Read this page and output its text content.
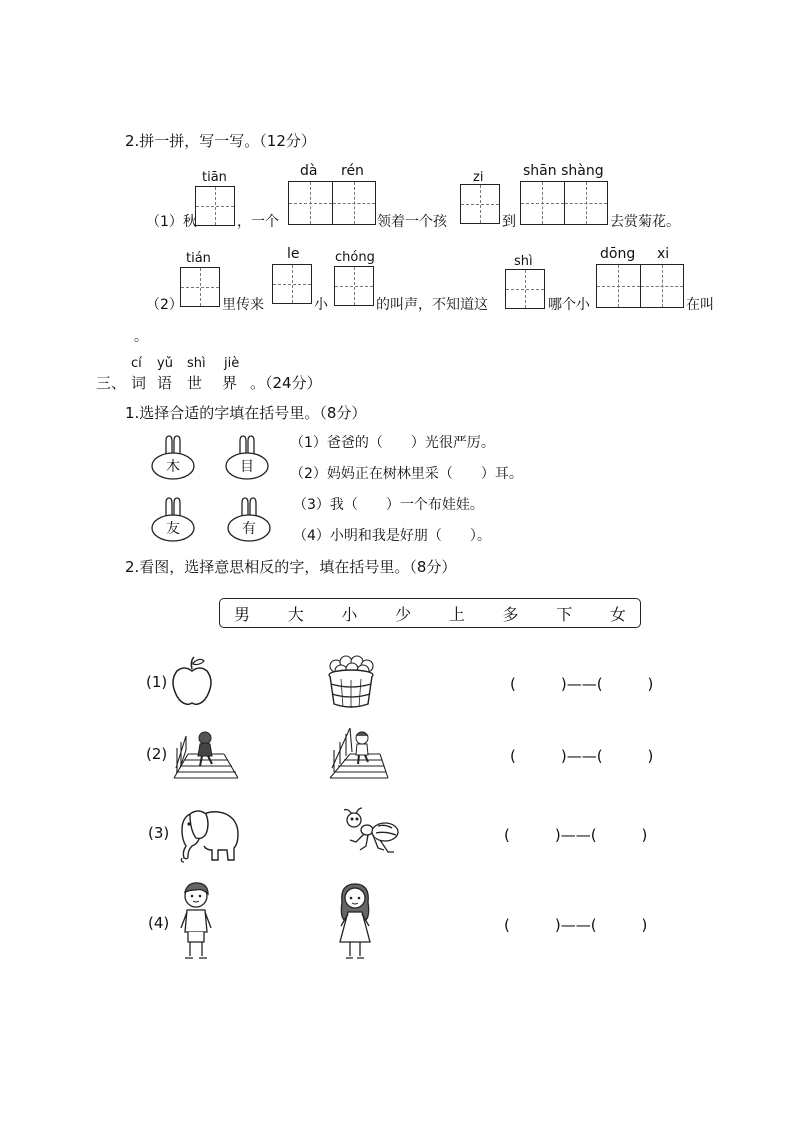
2.拼一拼，写一写。（12分）
tiān	dà rén	zi	shān shàng
（1）秋	，一个	领着一个孩	到	去赏菊花。
tián	le	chóng	shì	dōng xi
（2）	里传来	小	的叫声，不知道这	哪个小	在叫
。
三、
cí yǔ shì jiè
词 语 世 界 。（24分）
1.选择合适的字填在括号里。（8分）
木	目
友	有
（1）爸爸的（　　）光很严厉。
（2）妈妈正在树林里采（　　）耳。
（3）我（　　）一个布娃娃。
（4）小明和我是好朋（　　）。
2.看图，选择意思相反的字，填在括号里。（8分）
男 大 小 少 上 多 下 女
(1)	(　　　)——(　　　)
(2)	(　　　)——(　　　)
(3)	(　　　)——(　　　)
(4)	(　　　)——(　　　)
